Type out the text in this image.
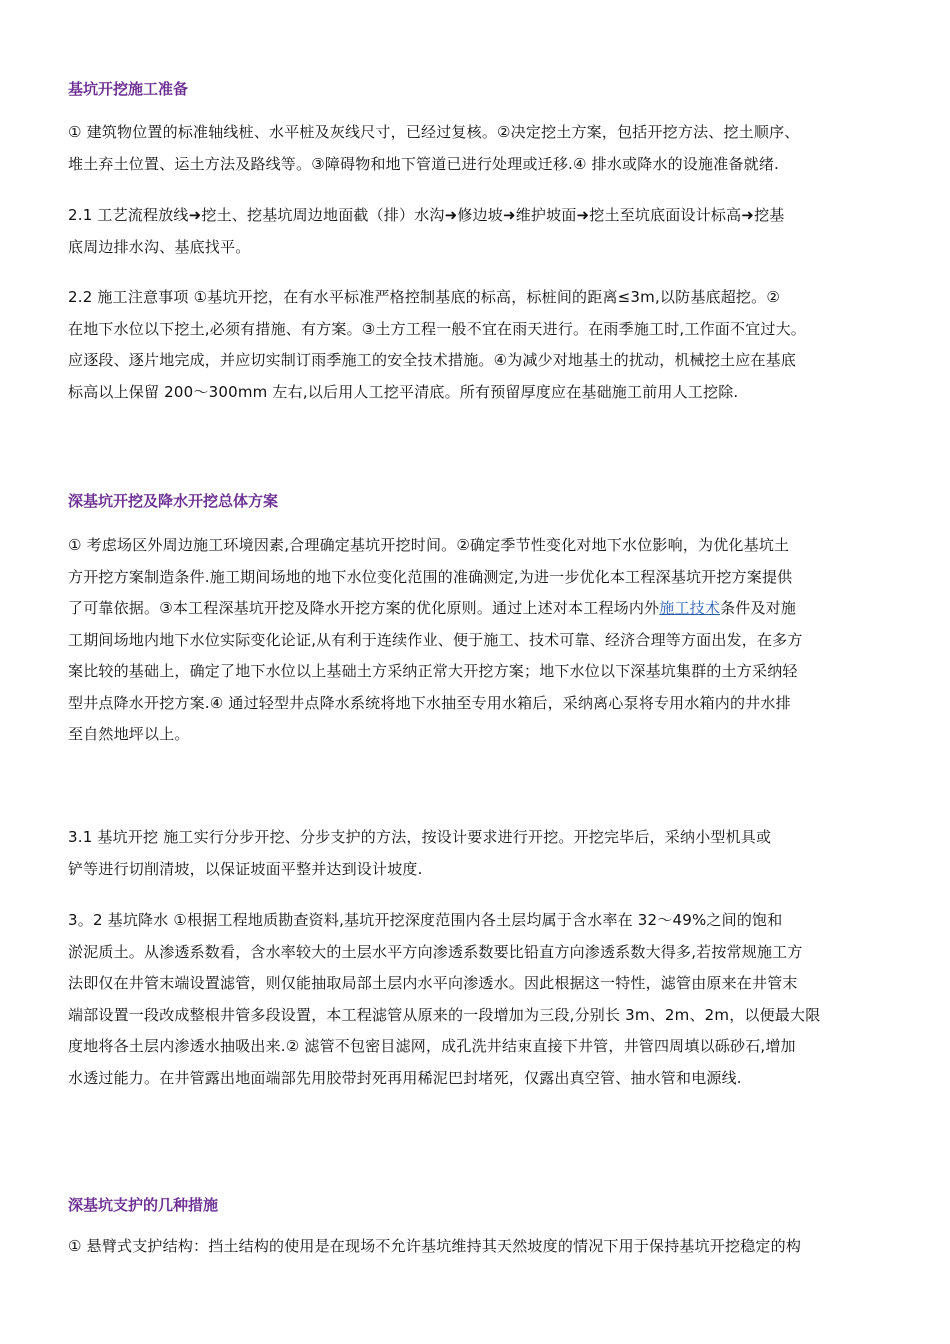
基坑开挖施工准备
① 建筑物位置的标准轴线桩、水平桩及灰线尺寸，已经过复核。②决定挖土方案，包括开挖方法、挖土顺序、
堆土弃土位置、运土方法及路线等。③障碍物和地下管道已进行处理或迁移.④ 排水或降水的设施准备就绪.
2.1 工艺流程放线➜挖土、挖基坑周边地面截（排）水沟➜修边坡➜维护坡面➜挖土至坑底面设计标高➜挖基
底周边排水沟、基底找平。
2.2 施工注意事项 ①基坑开挖，在有水平标准严格控制基底的标高，标桩间的距离≤3m,以防基底超挖。②
在地下水位以下挖土,必须有措施、有方案。③土方工程一般不宜在雨天进行。在雨季施工时,工作面不宜过大。
应逐段、逐片地完成，并应切实制订雨季施工的安全技术措施。④为减少对地基土的扰动，机械挖土应在基底
标高以上保留 200～300mm 左右,以后用人工挖平清底。所有预留厚度应在基础施工前用人工挖除.
深基坑开挖及降水开挖总体方案
① 考虑场区外周边施工环境因素,合理确定基坑开挖时间。②确定季节性变化对地下水位影响，为优化基坑土
方开挖方案制造条件.施工期间场地的地下水位变化范围的准确测定,为进一步优化本工程深基坑开挖方案提供
了可靠依据。③本工程深基坑开挖及降水开挖方案的优化原则。通过上述对本工程场内外施工技术条件及对施
工期间场地内地下水位实际变化论证,从有利于连续作业、便于施工、技术可靠、经济合理等方面出发，在多方
案比较的基础上，确定了地下水位以上基础土方采纳正常大开挖方案；地下水位以下深基坑集群的土方采纳轻
型井点降水开挖方案.④ 通过轻型井点降水系统将地下水抽至专用水箱后，采纳离心泵将专用水箱内的井水排
至自然地坪以上。
3.1 基坑开挖 施工实行分步开挖、分步支护的方法，按设计要求进行开挖。开挖完毕后，采纳小型机具或
铲等进行切削清坡，以保证坡面平整并达到设计坡度.
3。2 基坑降水 ①根据工程地质勘查资料,基坑开挖深度范围内各土层均属于含水率在 32～49%之间的饱和
淤泥质土。从渗透系数看，含水率较大的土层水平方向渗透系数要比铅直方向渗透系数大得多,若按常规施工方
法即仅在井管末端设置滤管，则仅能抽取局部土层内水平向渗透水。因此根据这一特性，滤管由原来在井管末
端部设置一段改成整根井管多段设置，本工程滤管从原来的一段增加为三段,分别长 3m、2m、2m，以便最大限
度地将各土层内渗透水抽吸出来.② 滤管不包密目滤网，成孔洗井结束直接下井管，井管四周填以砾砂石,增加
水透过能力。在井管露出地面端部先用胶带封死再用稀泥巴封堵死，仅露出真空管、抽水管和电源线.
深基坑支护的几种措施
① 悬臂式支护结构：挡土结构的使用是在现场不允许基坑维持其天然坡度的情况下用于保持基坑开挖稳定的构
